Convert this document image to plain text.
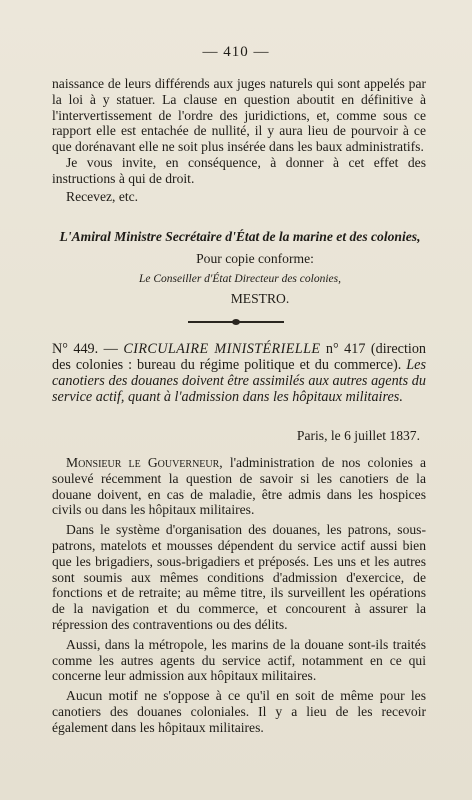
— 410 —

naissance de leurs différends aux juges naturels qui sont appelés par la loi à y statuer. La clause en question aboutit en définitive à l'intervertissement de l'ordre des juridictions, et, comme sous ce rapport elle est entachée de nullité, il y aura lieu de pourvoir à ce que dorénavant elle ne soit plus insérée dans les baux administratifs.

Je vous invite, en conséquence, à donner à cet effet des instructions à qui de droit.

Recevez, etc.

L'Amiral Ministre Secrétaire d'État de la marine et des colonies,

Pour copie conforme:

Le Conseiller d'État Directeur des colonies,

MESTRO.

N° 449. — CIRCULAIRE MINISTÉRIELLE n° 417 (direction des colonies : bureau du régime politique et du commerce). Les canotiers des douanes doivent être assimilés aux autres agents du service actif, quant à l'admission dans les hôpitaux militaires.

Paris, le 6 juillet 1837.

Monsieur le Gouverneur, l'administration de nos colonies a soulevé récemment la question de savoir si les canotiers de la douane doivent, en cas de maladie, être admis dans les hospices civils ou dans les hôpitaux militaires.

Dans le système d'organisation des douanes, les patrons, sous-patrons, matelots et mousses dépendent du service actif aussi bien que les brigadiers, sous-brigadiers et préposés. Les uns et les autres sont soumis aux mêmes conditions d'admission d'exercice, de fonctions et de retraite; au même titre, ils surveillent les opérations de la navigation et du commerce, et concourent à assurer la répression des contraventions ou des délits.

Aussi, dans la métropole, les marins de la douane sont-ils traités comme les autres agents du service actif, notamment en ce qui concerne leur admission aux hôpitaux militaires.

Aucun motif ne s'oppose à ce qu'il en soit de même pour les canotiers des douanes coloniales. Il y a lieu de les recevoir également dans les hôpitaux militaires.
